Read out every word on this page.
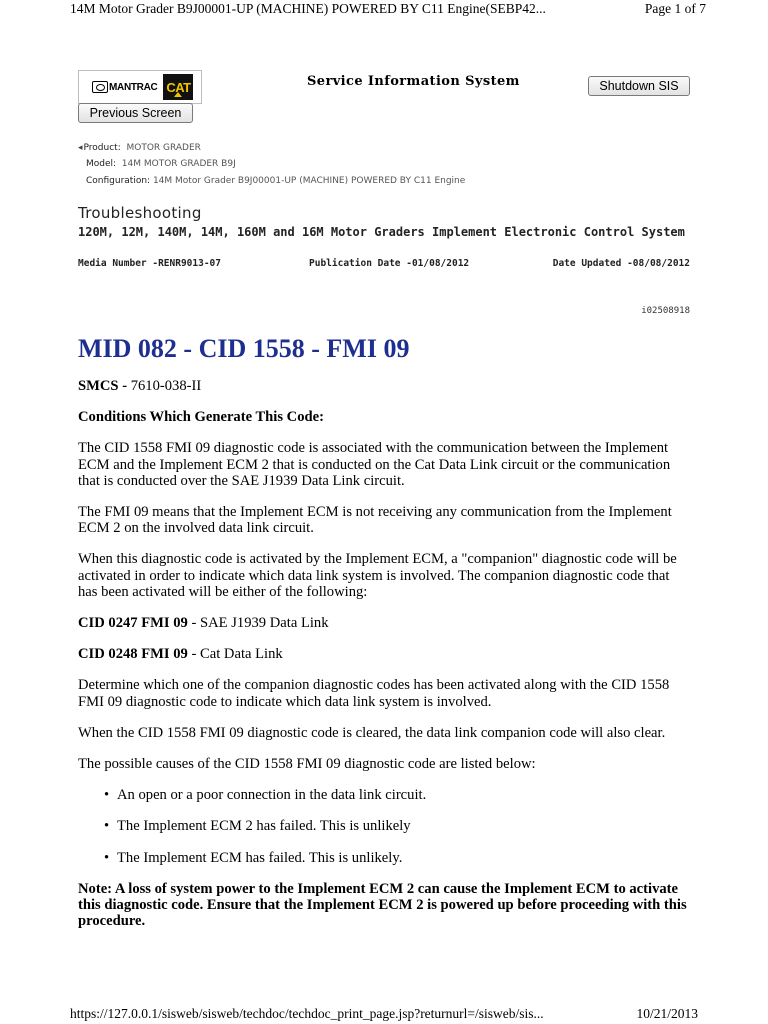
14M Motor Grader B9J00001-UP (MACHINE) POWERED BY C11 Engine(SEBP42...	Page 1 of 7
MANTRAC CAT	Service Information System	Shutdown SIS
Previous Screen
◂Product: MOTOR GRADER
Model: 14M MOTOR GRADER B9J
Configuration: 14M Motor Grader B9J00001-UP (MACHINE) POWERED BY C11 Engine
Troubleshooting
120M, 12M, 140M, 14M, 160M and 16M Motor Graders Implement Electronic Control System
Media Number -RENR9013-07	Publication Date -01/08/2012	Date Updated -08/08/2012
i02508918
MID 082 - CID 1558 - FMI 09

SMCS - 7610-038-II

Conditions Which Generate This Code:

The CID 1558 FMI 09 diagnostic code is associated with the communication between the Implement ECM and the Implement ECM 2 that is conducted on the Cat Data Link circuit or the communication that is conducted over the SAE J1939 Data Link circuit.

The FMI 09 means that the Implement ECM is not receiving any communication from the Implement ECM 2 on the involved data link circuit.

When this diagnostic code is activated by the Implement ECM, a "companion" diagnostic code will be activated in order to indicate which data link system is involved. The companion diagnostic code that has been activated will be either of the following:

CID 0247 FMI 09 - SAE J1939 Data Link

CID 0248 FMI 09 - Cat Data Link

Determine which one of the companion diagnostic codes has been activated along with the CID 1558 FMI 09 diagnostic code to indicate which data link system is involved.

When the CID 1558 FMI 09 diagnostic code is cleared, the data link companion code will also clear.

The possible causes of the CID 1558 FMI 09 diagnostic code are listed below:

• An open or a poor connection in the data link circuit.
• The Implement ECM 2 has failed. This is unlikely
• The Implement ECM has failed. This is unlikely.

Note: A loss of system power to the Implement ECM 2 can cause the Implement ECM to activate this diagnostic code. Ensure that the Implement ECM 2 is powered up before proceeding with this procedure.

https://127.0.0.1/sisweb/sisweb/techdoc/techdoc_print_page.jsp?returnurl=/sisweb/sis...	10/21/2013
